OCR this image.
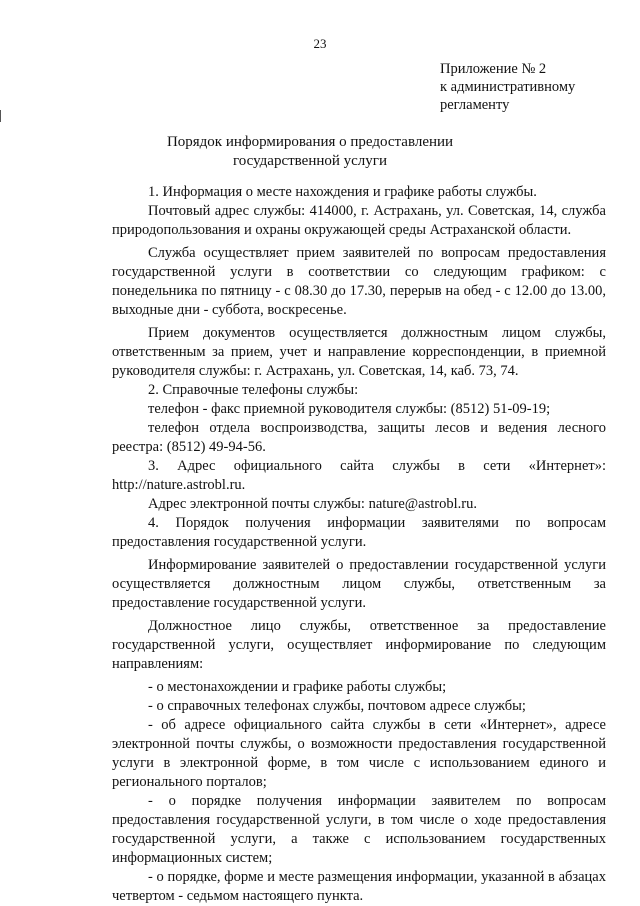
23
Приложение № 2
к административному
регламенту
Порядок информирования о предоставлении
государственной услуги

1. Информация о месте нахождения и графике работы службы.

Почтовый адрес службы: 414000, г. Астрахань, ул. Советская, 14, служба природопользования и охраны окружающей среды Астраханской области.

Служба осуществляет прием заявителей по вопросам предоставления государственной услуги в соответствии со следующим графиком: с понедельника по пятницу - с 08.30 до 17.30, перерыв на обед - с 12.00 до 13.00, выходные дни - суббота, воскресенье.

Прием документов осуществляется должностным лицом службы, ответственным за прием, учет и направление корреспонденции, в приемной руководителя службы: г. Астрахань, ул. Советская, 14, каб. 73, 74.

2. Справочные телефоны службы:

телефон - факс приемной руководителя службы: (8512) 51-09-19;

телефон отдела воспроизводства, защиты лесов и ведения лесного реестра: (8512) 49-94-56.

3. Адрес официального сайта службы в сети «Интернет»: http://nature.astrobl.ru.

Адрес электронной почты службы: nature@astrobl.ru.

4. Порядок получения информации заявителями по вопросам предоставления государственной услуги.

Информирование заявителей о предоставлении государственной услуги осуществляется должностным лицом службы, ответственным за предоставление государственной услуги.

Должностное лицо службы, ответственное за предоставление государственной услуги, осуществляет информирование по следующим направлениям:

- о местонахождении и графике работы службы;

- о справочных телефонах службы, почтовом адресе службы;

- об адресе официального сайта службы в сети «Интернет», адресе электронной почты службы, о возможности предоставления государственной услуги в электронной форме, в том числе с использованием единого и регионального порталов;

- о порядке получения информации заявителем по вопросам предоставления государственной услуги, в том числе о ходе предоставления государственной услуги, а также с использованием государственных информационных систем;

- о порядке, форме и месте размещения информации, указанной в абзацах четвертом - седьмом настоящего пункта.
